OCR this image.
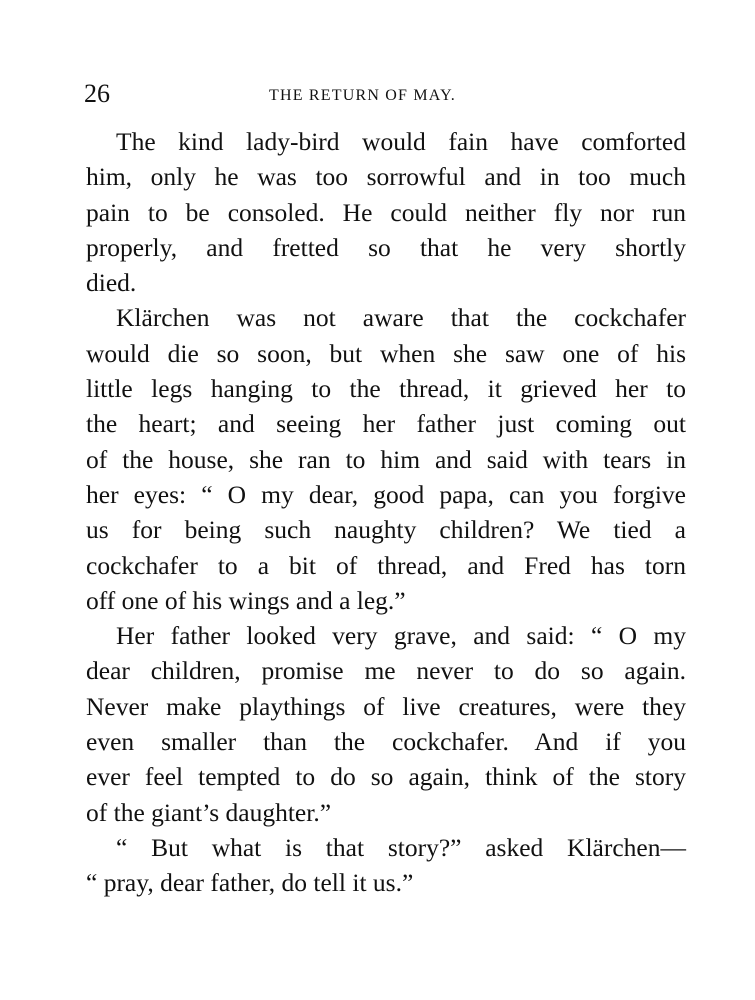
26	THE RETURN OF MAY.
The kind lady-bird would fain have comforted
him, only he was too sorrowful and in too much
pain to be consoled. He could neither fly nor run
properly, and fretted so that he very shortly
died.
Klärchen was not aware that the cockchafer
would die so soon, but when she saw one of his
little legs hanging to the thread, it grieved her to
the heart; and seeing her father just coming out
of the house, she ran to him and said with tears in
her eyes: “ O my dear, good papa, can you forgive
us for being such naughty children? We tied a
cockchafer to a bit of thread, and Fred has torn
off one of his wings and a leg.”
Her father looked very grave, and said: “ O my
dear children, promise me never to do so again.
Never make playthings of live creatures, were they
even smaller than the cockchafer. And if you
ever feel tempted to do so again, think of the story
of the giant’s daughter.”
“ But what is that story?” asked Klärchen—
“ pray, dear father, do tell it us.”
